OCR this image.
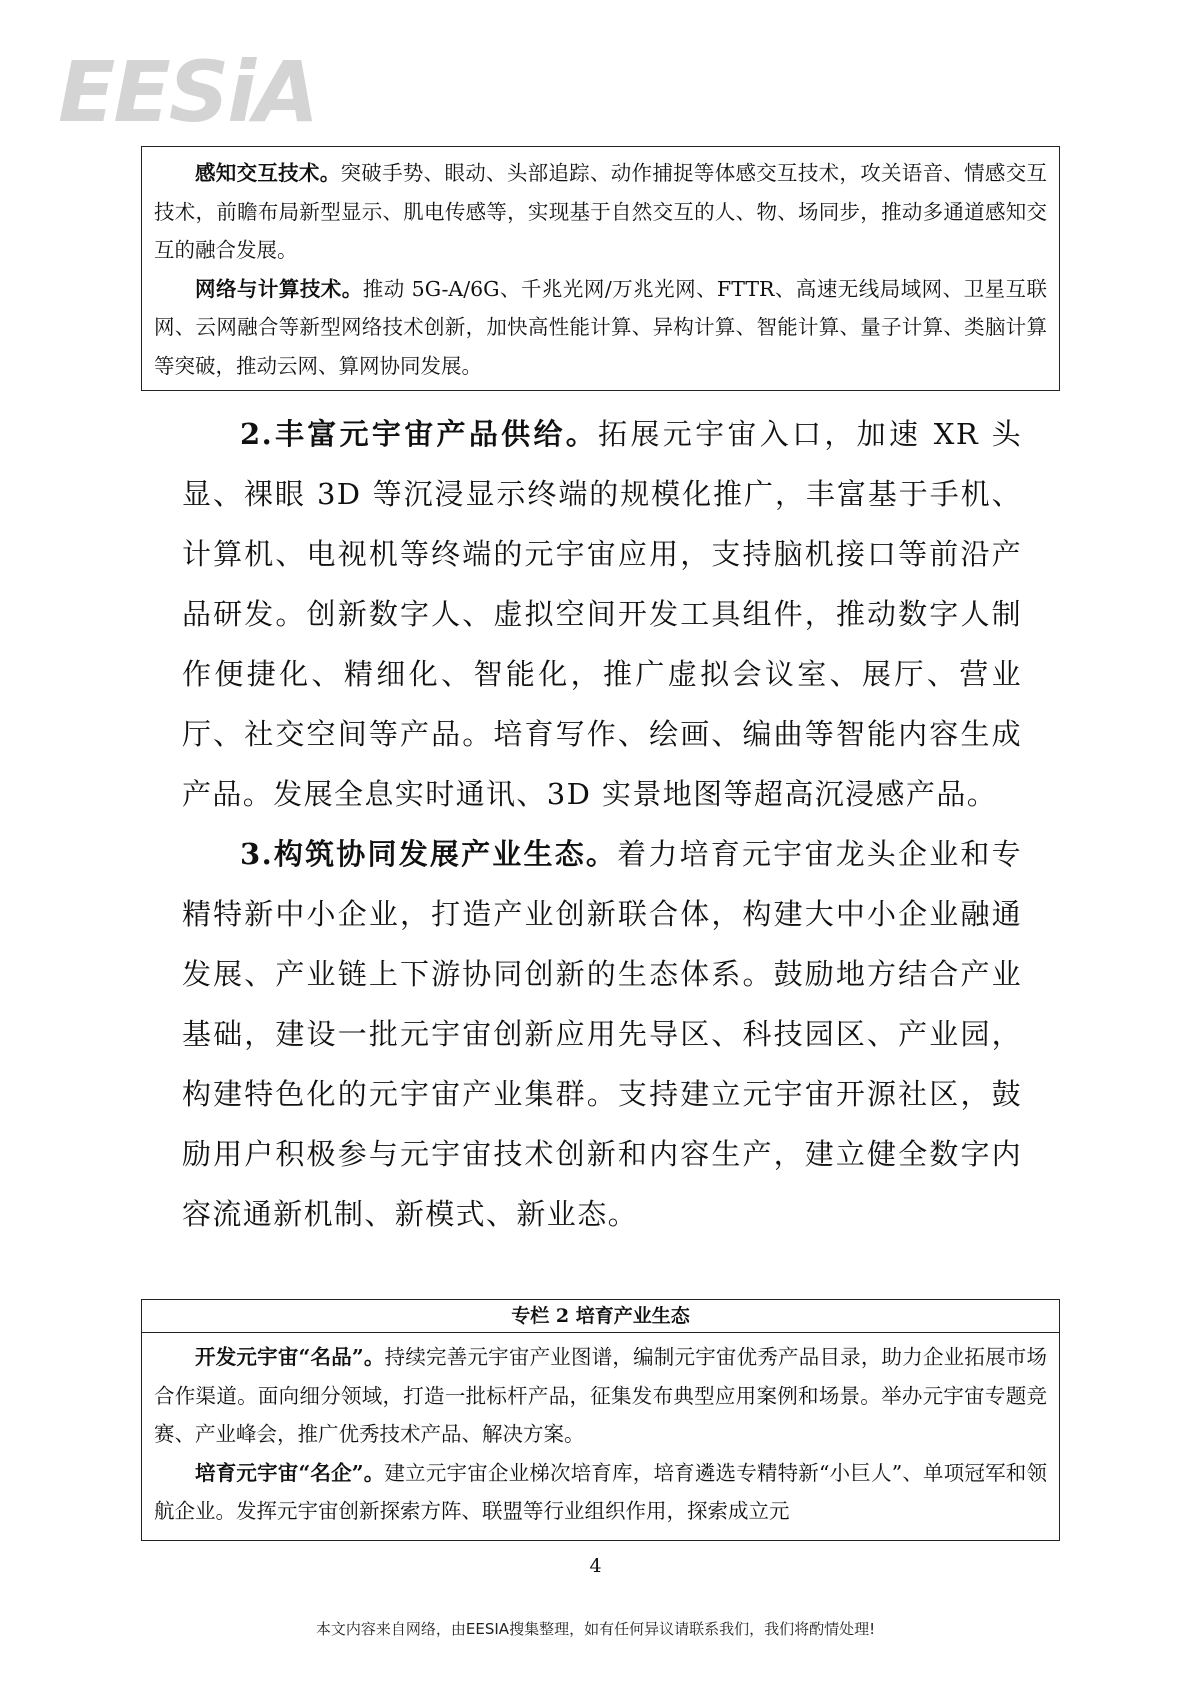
EESiA

感知交互技术。突破手势、眼动、头部追踪、动作捕捉等体感交互技术，攻关语音、情感交互技术，前瞻布局新型显示、肌电传感等，实现基于自然交互的人、物、场同步，推动多通道感知交互的融合发展。

网络与计算技术。推动 5G-A/6G、千兆光网/万兆光网、FTTR、高速无线局域网、卫星互联网、云网融合等新型网络技术创新，加快高性能计算、异构计算、智能计算、量子计算、类脑计算等突破，推动云网、算网协同发展。

2.丰富元宇宙产品供给。拓展元宇宙入口，加速 XR 头显、裸眼 3D 等沉浸显示终端的规模化推广，丰富基于手机、计算机、电视机等终端的元宇宙应用，支持脑机接口等前沿产品研发。创新数字人、虚拟空间开发工具组件，推动数字人制作便捷化、精细化、智能化，推广虚拟会议室、展厅、营业厅、社交空间等产品。培育写作、绘画、编曲等智能内容生成产品。发展全息实时通讯、3D 实景地图等超高沉浸感产品。

3.构筑协同发展产业生态。着力培育元宇宙龙头企业和专精特新中小企业，打造产业创新联合体，构建大中小企业融通发展、产业链上下游协同创新的生态体系。鼓励地方结合产业基础，建设一批元宇宙创新应用先导区、科技园区、产业园，构建特色化的元宇宙产业集群。支持建立元宇宙开源社区，鼓励用户积极参与元宇宙技术创新和内容生产，建立健全数字内容流通新机制、新模式、新业态。

专栏 2 培育产业生态

开发元宇宙“名品”。持续完善元宇宙产业图谱，编制元宇宙优秀产品目录，助力企业拓展市场合作渠道。面向细分领域，打造一批标杆产品，征集发布典型应用案例和场景。举办元宇宙专题竞赛、产业峰会，推广优秀技术产品、解决方案。

培育元宇宙“名企”。建立元宇宙企业梯次培育库，培育遴选专精特新“小巨人”、单项冠军和领航企业。发挥元宇宙创新探索方阵、联盟等行业组织作用，探索成立元

4
本文内容来自网络，由EESIA搜集整理，如有任何异议请联系我们，我们将酌情处理!
